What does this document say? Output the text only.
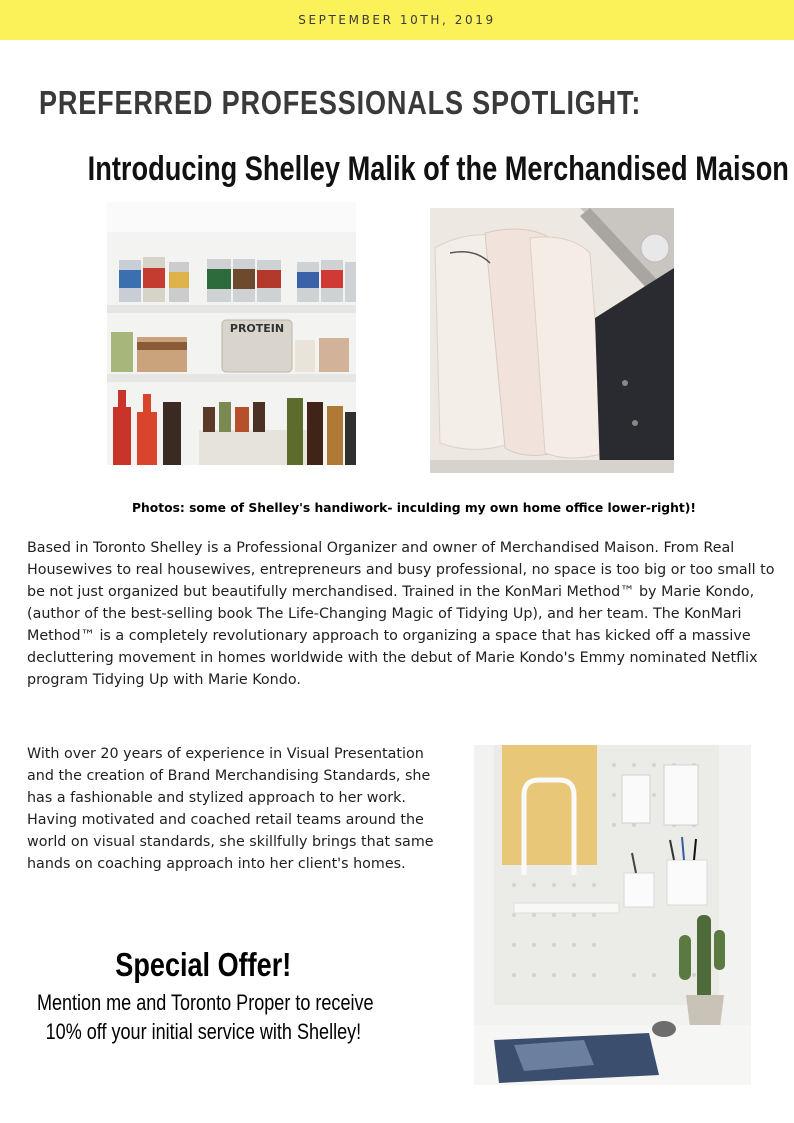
SEPTEMBER 10TH, 2019
PREFERRED PROFESSIONALS SPOTLIGHT:
Introducing Shelley Malik of the Merchandised Maison
PROTEIN

Photos: some of Shelley's handiwork- inculding my own home office lower-right)!

Based in Toronto Shelley is a Professional Organizer and owner of Merchandised Maison. From Real Housewives to real housewives, entrepreneurs and busy professional, no space is too big or too small to be not just organized but beautifully merchandised. Trained in the KonMari Method™ by Marie Kondo, (author of the best-selling book The Life-Changing Magic of Tidying Up), and her team. The KonMari Method™ is a completely revolutionary approach to organizing a space that has kicked off a massive decluttering movement in homes worldwide with the debut of Marie Kondo's Emmy nominated Netflix program Tidying Up with Marie Kondo.

With over 20 years of experience in Visual Presentation and the creation of Brand Merchandising Standards, she has a fashionable and stylized approach to her work. Having motivated and coached retail teams around the world on visual standards, she skillfully brings that same hands on coaching approach into her client's homes.

Special Offer!

Mention me and Toronto Proper to receive

10% off your initial service with Shelley!
